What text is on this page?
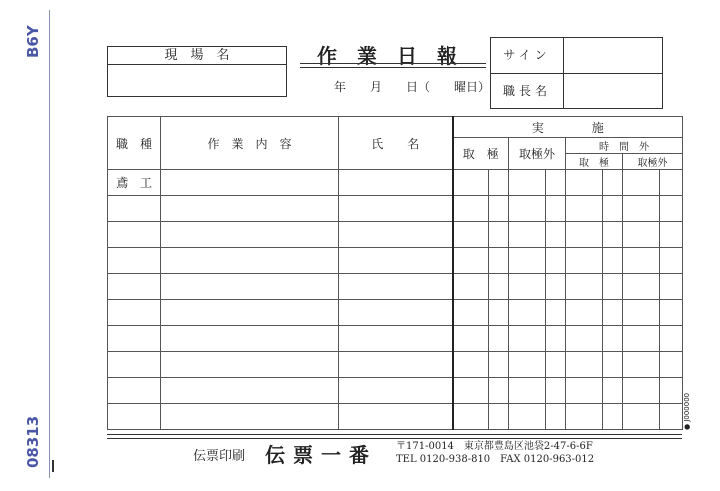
B6Y
08313
現　場　名	作業日報
年　　月　　日（　　曜日）
サイン
職長名
職　種	作　業　内　容	氏　　名	実　　　　施							
			取　極		取極外		時　間　外			
							取　極		取極外	
鳶　工										

伝票印刷 伝票一番 〒171-0014　東京都豊島区池袋2-47-6-6F
TEL 0120-938-810　FAX 0120-963-012
● J000000
